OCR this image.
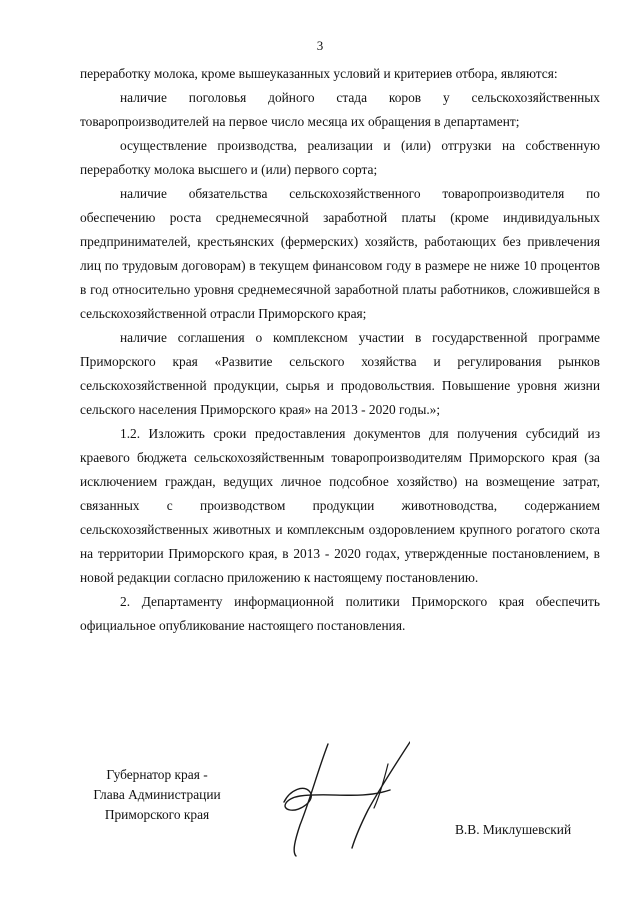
3

переработку молока, кроме вышеуказанных условий и критериев отбора, являются:

наличие поголовья дойного стада коров у сельскохозяйственных товаропроизводителей на первое число месяца их обращения в департамент;

осуществление производства, реализации и (или) отгрузки на собственную переработку молока высшего и (или) первого сорта;

наличие обязательства сельскохозяйственного товаропроизводителя по обеспечению роста среднемесячной заработной платы (кроме индивидуальных предпринимателей, крестьянских (фермерских) хозяйств, работающих без привлечения лиц по трудовым договорам) в текущем финансовом году в размере не ниже 10 процентов в год относительно уровня среднемесячной заработной платы работников, сложившейся в сельскохозяйственной отрасли Приморского края;

наличие соглашения о комплексном участии в государственной программе Приморского края «Развитие сельского хозяйства и регулирования рынков сельскохозяйственной продукции, сырья и продовольствия. Повышение уровня жизни сельского населения Приморского края» на 2013 - 2020 годы.»;

1.2. Изложить сроки предоставления документов для получения субсидий из краевого бюджета сельскохозяйственным товаропроизводителям Приморского края (за исключением граждан, ведущих личное подсобное хозяйство) на возмещение затрат, связанных с производством продукции животноводства, содержанием сельскохозяйственных животных и комплексным оздоровлением крупного рогатого скота на территории Приморского края, в 2013 - 2020 годах, утвержденные постановлением, в новой редакции согласно приложению к настоящему постановлению.

2. Департаменту информационной политики Приморского края обеспечить официальное опубликование настоящего постановления.

Губернатор края -
Глава Администрации
Приморского края
В.В. Миклушевский
